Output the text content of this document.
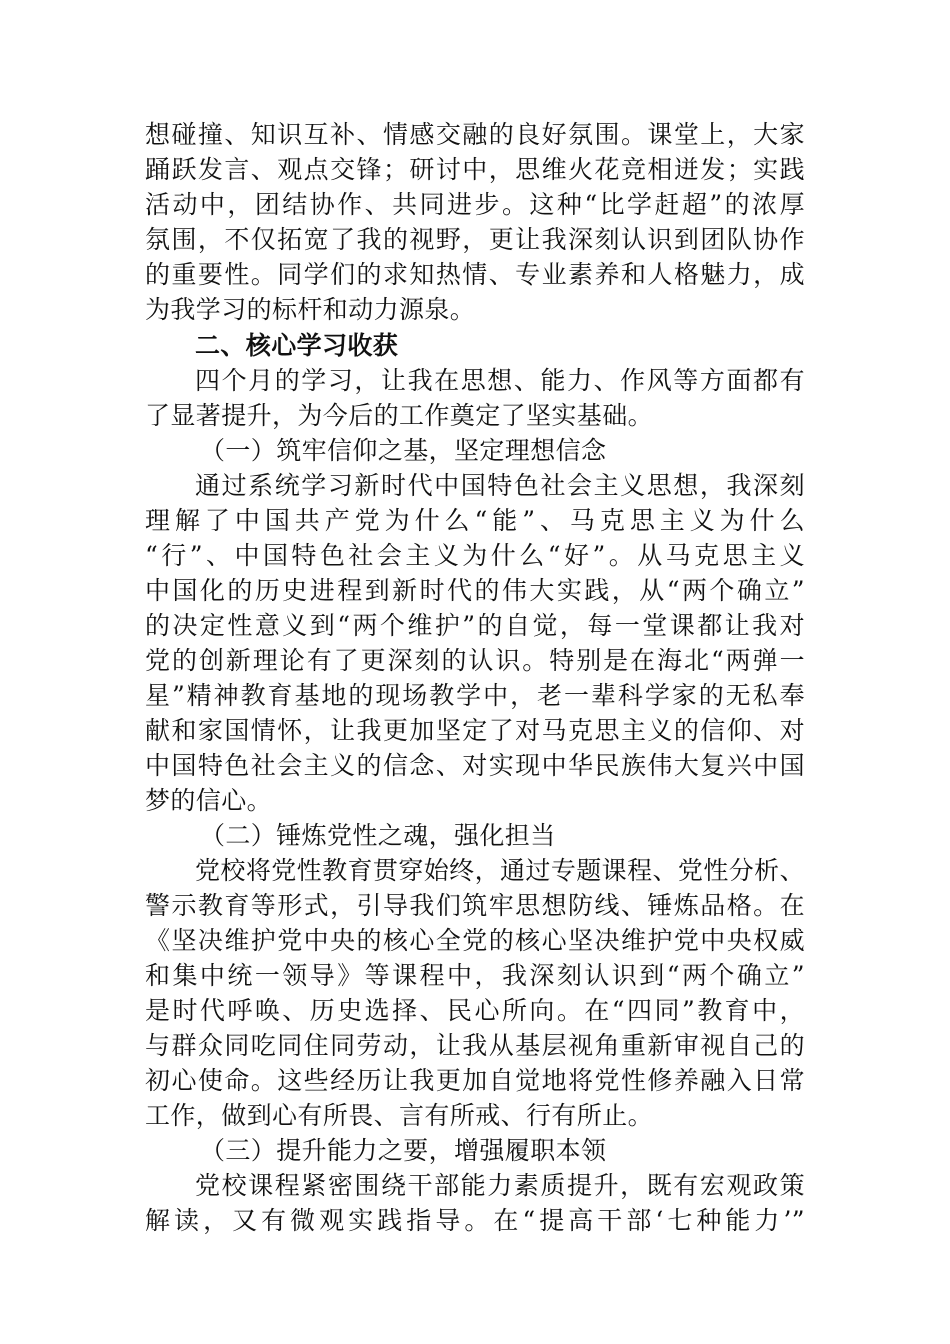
想碰撞、知识互补、情感交融的良好氛围。课堂上，大家
踊跃发言、观点交锋；研讨中，思维火花竞相迸发；实践
活动中，团结协作、共同进步。这种“比学赶超”的浓厚
氛围，不仅拓宽了我的视野，更让我深刻认识到团队协作
的重要性。同学们的求知热情、专业素养和人格魅力，成
为我学习的标杆和动力源泉。
二、核心学习收获
四个月的学习，让我在思想、能力、作风等方面都有
了显著提升，为今后的工作奠定了坚实基础。
（一）筑牢信仰之基，坚定理想信念
通过系统学习新时代中国特色社会主义思想，我深刻
理解了中国共产党为什么“能”、马克思主义为什么
“行”、中国特色社会主义为什么“好”。从马克思主义
中国化的历史进程到新时代的伟大实践，从“两个确立”
的决定性意义到“两个维护”的自觉，每一堂课都让我对
党的创新理论有了更深刻的认识。特别是在海北“两弹一
星”精神教育基地的现场教学中，老一辈科学家的无私奉
献和家国情怀，让我更加坚定了对马克思主义的信仰、对
中国特色社会主义的信念、对实现中华民族伟大复兴中国
梦的信心。
（二）锤炼党性之魂，强化担当
党校将党性教育贯穿始终，通过专题课程、党性分析、
警示教育等形式，引导我们筑牢思想防线、锤炼品格。在
《坚决维护党中央的核心全党的核心坚决维护党中央权威
和集中统一领导》等课程中，我深刻认识到“两个确立”
是时代呼唤、历史选择、民心所向。在“四同”教育中，
与群众同吃同住同劳动，让我从基层视角重新审视自己的
初心使命。这些经历让我更加自觉地将党性修养融入日常
工作，做到心有所畏、言有所戒、行有所止。
（三）提升能力之要，增强履职本领
党校课程紧密围绕干部能力素质提升，既有宏观政策
解读，又有微观实践指导。在“提高干部‘七种能力’”
